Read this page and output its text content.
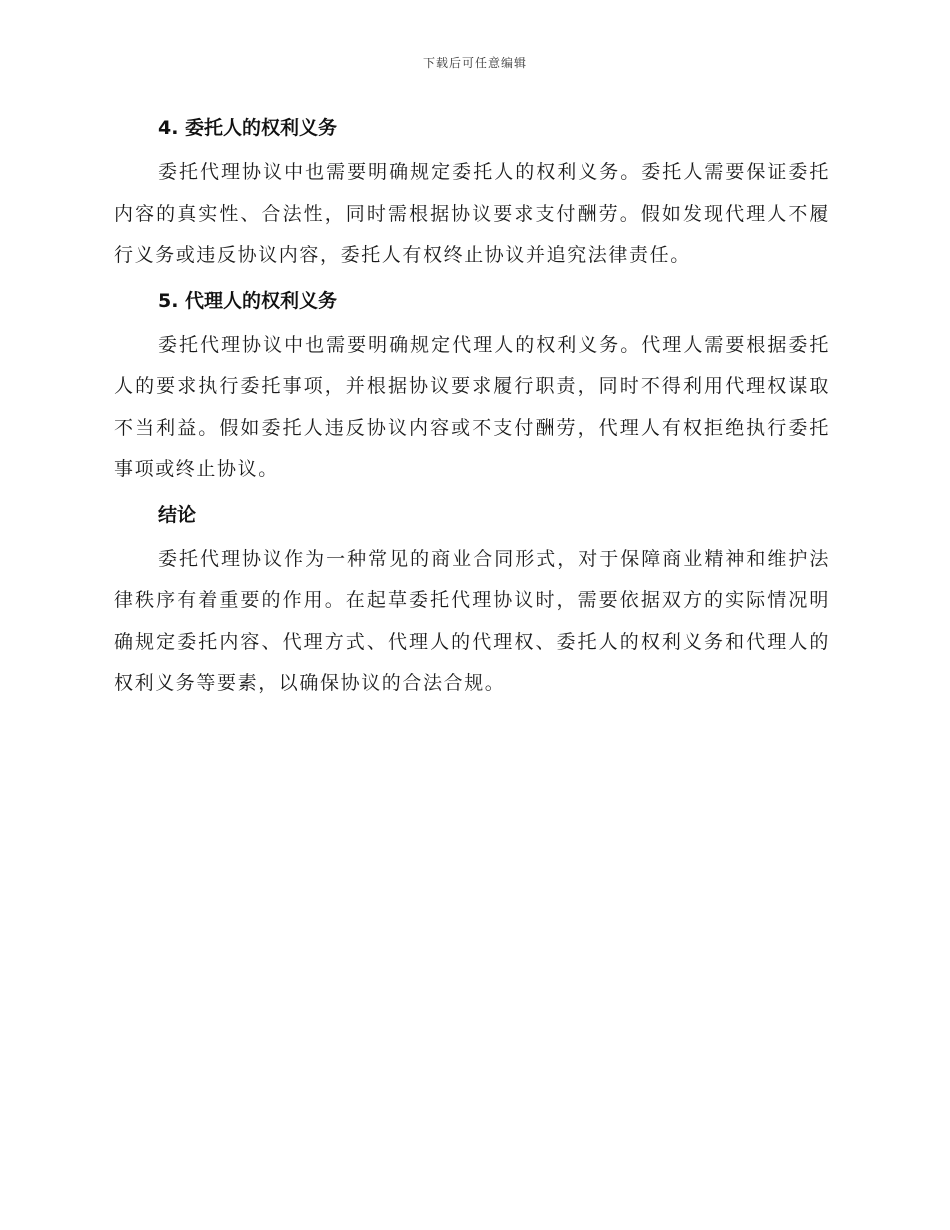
下载后可任意编辑
4. 委托人的权利义务

委托代理协议中也需要明确规定委托人的权利义务。委托人需要保证委托内容的真实性、合法性，同时需根据协议要求支付酬劳。假如发现代理人不履行义务或违反协议内容，委托人有权终止协议并追究法律责任。

5. 代理人的权利义务

委托代理协议中也需要明确规定代理人的权利义务。代理人需要根据委托人的要求执行委托事项，并根据协议要求履行职责，同时不得利用代理权谋取不当利益。假如委托人违反协议内容或不支付酬劳，代理人有权拒绝执行委托事项或终止协议。

结论

委托代理协议作为一种常见的商业合同形式，对于保障商业精神和维护法律秩序有着重要的作用。在起草委托代理协议时，需要依据双方的实际情况明确规定委托内容、代理方式、代理人的代理权、委托人的权利义务和代理人的权利义务等要素，以确保协议的合法合规。
